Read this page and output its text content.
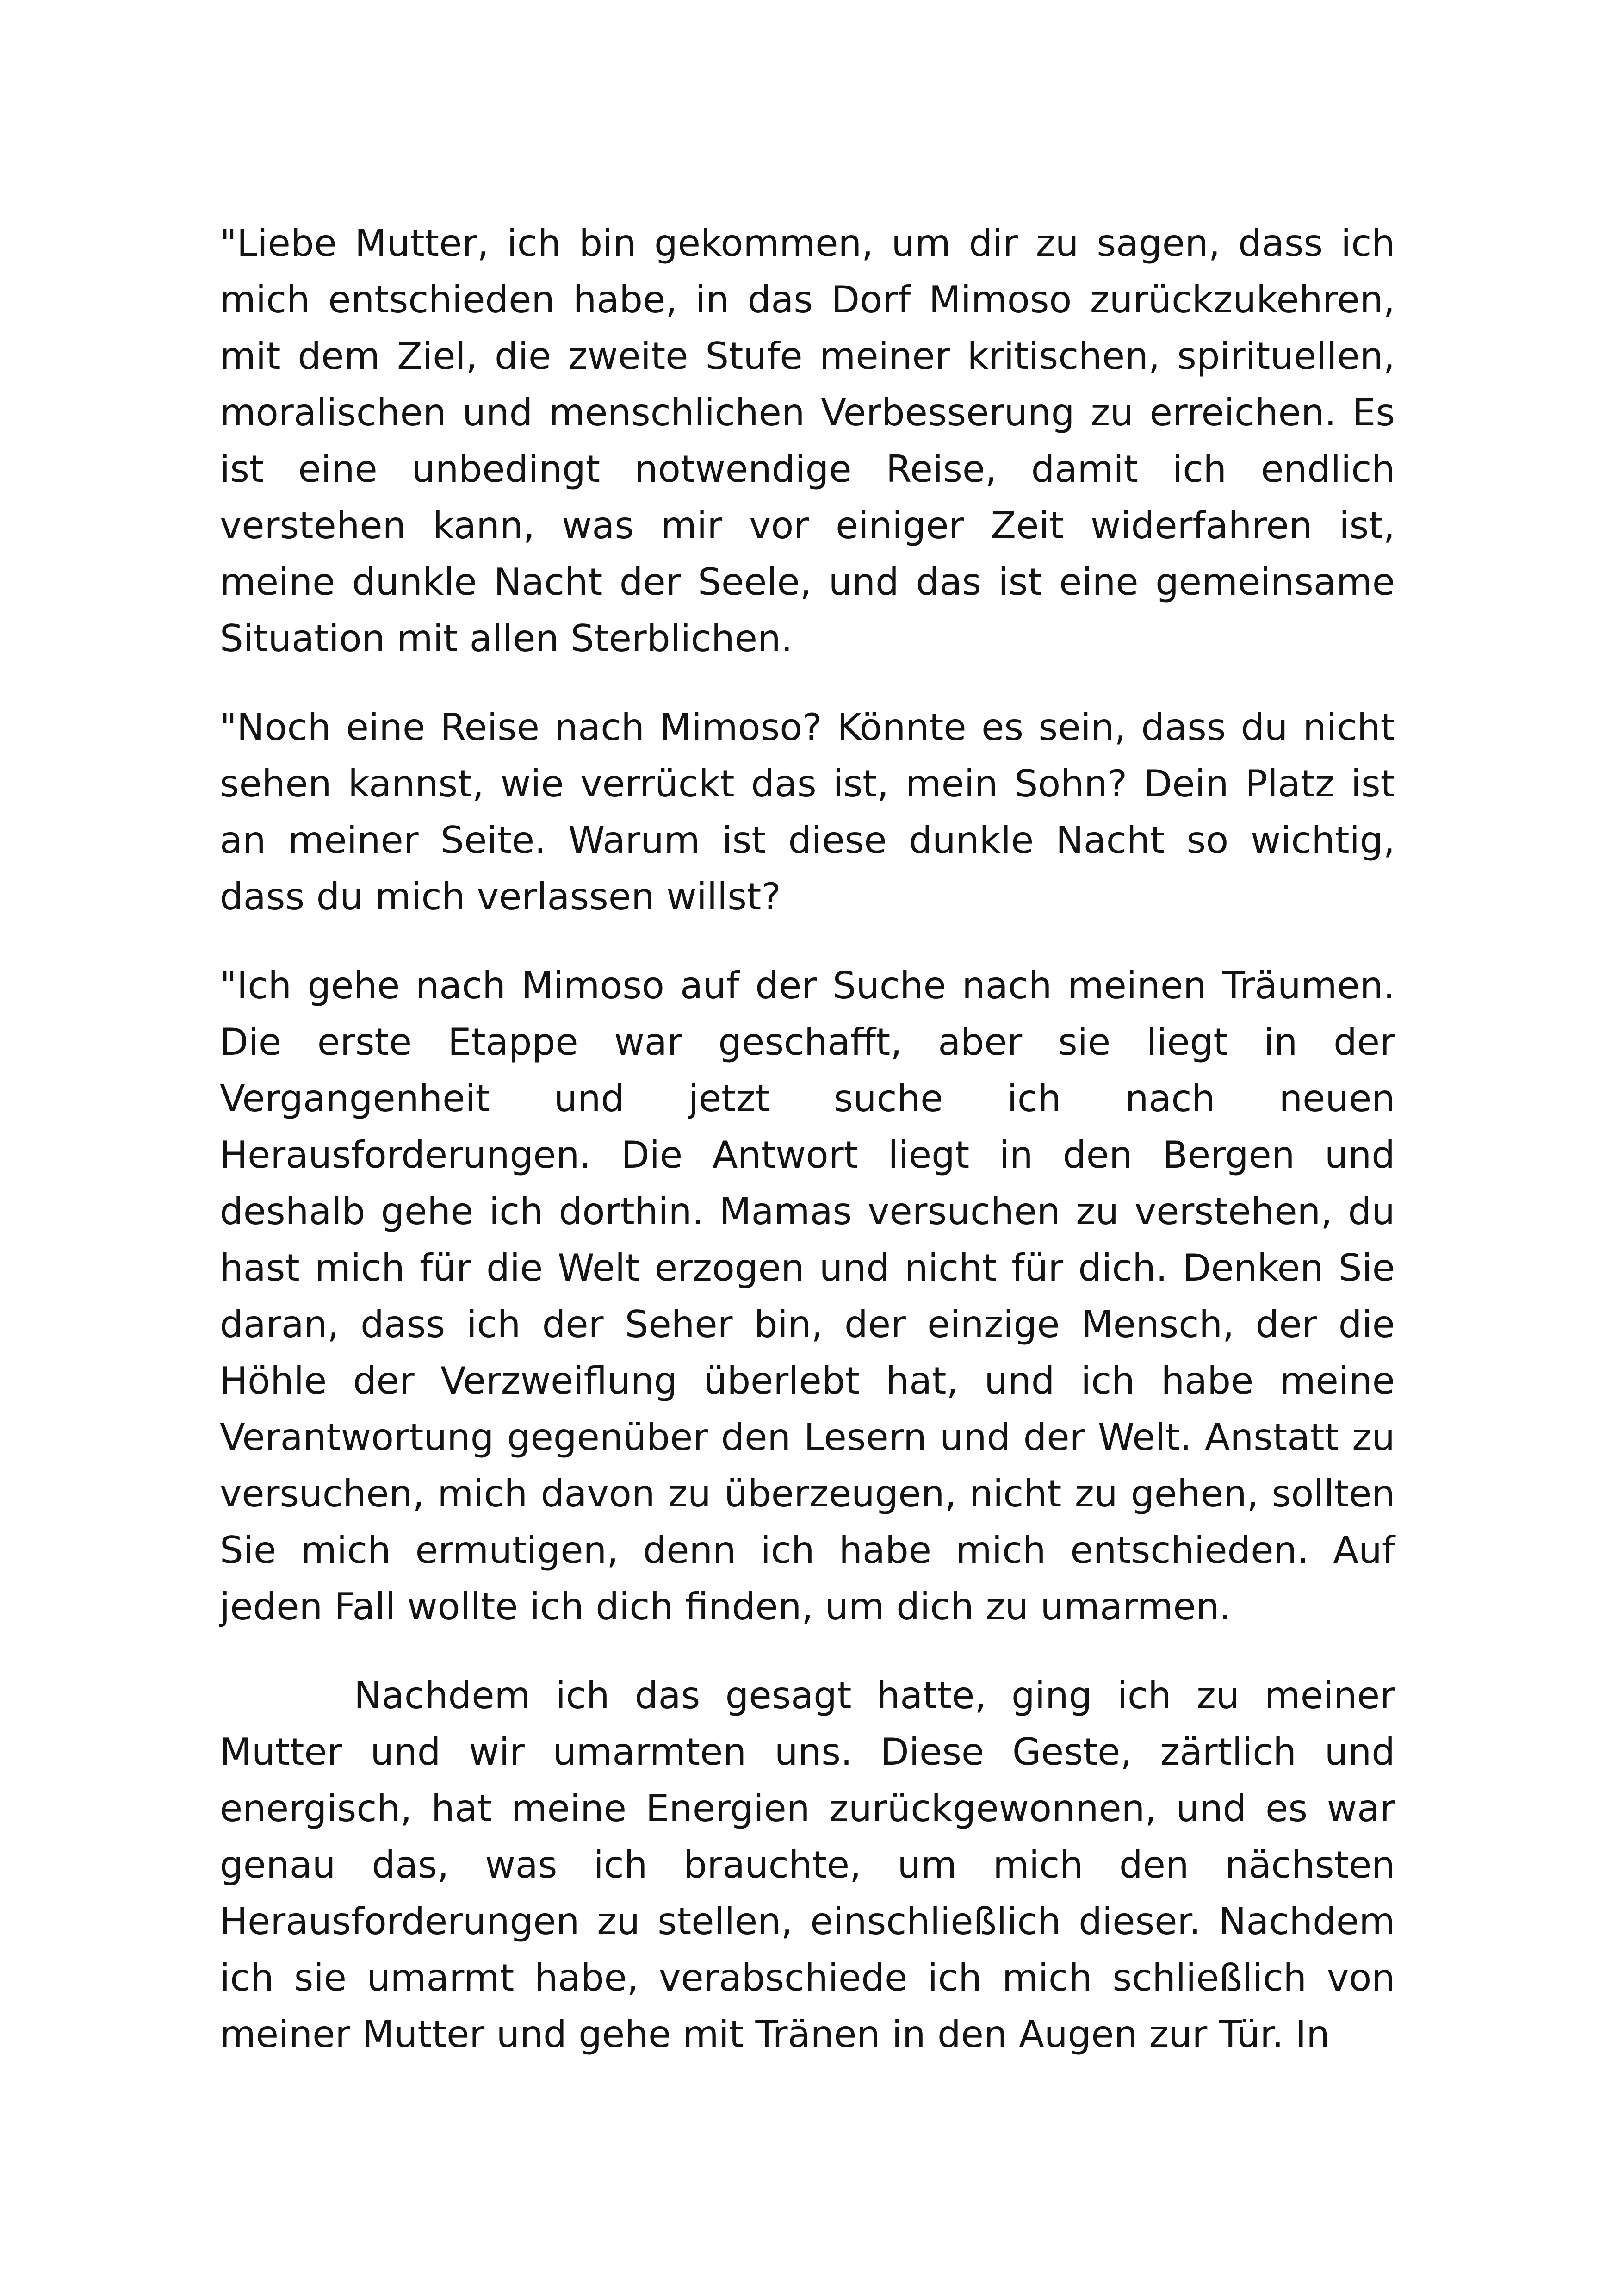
"Liebe Mutter, ich bin gekommen, um dir zu sagen, dass ich mich entschieden habe, in das Dorf Mimoso zurückzukehren, mit dem Ziel, die zweite Stufe meiner kritischen, spirituellen, moralischen und menschlichen Verbesserung zu erreichen. Es ist eine unbedingt notwendige Reise, damit ich endlich verstehen kann, was mir vor einiger Zeit widerfahren ist, meine dunkle Nacht der Seele, und das ist eine gemeinsame Situation mit allen Sterblichen.

"Noch eine Reise nach Mimoso? Könnte es sein, dass du nicht sehen kannst, wie verrückt das ist, mein Sohn? Dein Platz ist an meiner Seite. Warum ist diese dunkle Nacht so wichtig, dass du mich verlassen willst?

"Ich gehe nach Mimoso auf der Suche nach meinen Träumen. Die erste Etappe war geschafft, aber sie liegt in der Vergangenheit und jetzt suche ich nach neuen Herausforderungen. Die Antwort liegt in den Bergen und deshalb gehe ich dorthin. Mamas versuchen zu verstehen, du hast mich für die Welt erzogen und nicht für dich. Denken Sie daran, dass ich der Seher bin, der einzige Mensch, der die Höhle der Verzweiflung überlebt hat, und ich habe meine Verantwortung gegenüber den Lesern und der Welt. Anstatt zu versuchen, mich davon zu überzeugen, nicht zu gehen, sollten Sie mich ermutigen, denn ich habe mich entschieden. Auf jeden Fall wollte ich dich finden, um dich zu umarmen.

Nachdem ich das gesagt hatte, ging ich zu meiner Mutter und wir umarmten uns. Diese Geste, zärtlich und energisch, hat meine Energien zurückgewonnen, und es war genau das, was ich brauchte, um mich den nächsten Herausforderungen zu stellen, einschließlich dieser. Nachdem ich sie umarmt habe, verabschiede ich mich schließlich von meiner Mutter und gehe mit Tränen in den Augen zur Tür. In
